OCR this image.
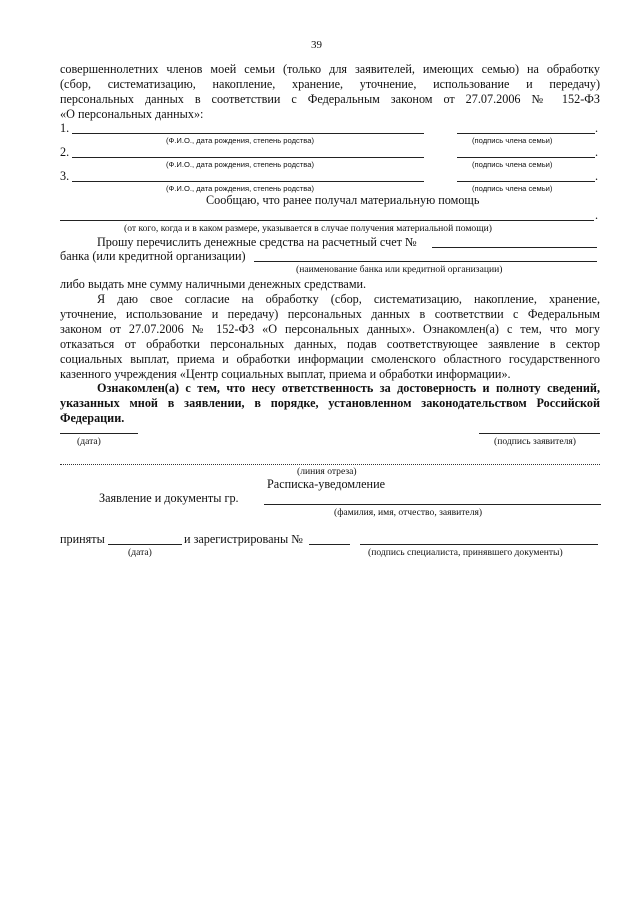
39
совершеннолетних членов моей семьи (только для заявителей, имеющих семью) на обработку
(сбор, систематизацию, накопление, хранение, уточнение, использование и передачу)
персональных данных в соответствии с Федеральным законом от 27.07.2006 № 152-ФЗ
«О персональных данных»:
1.	.
(Ф.И.О., дата рождения, степень родства)	(подпись члена семьи)
2.	.
(Ф.И.О., дата рождения, степень родства)	(подпись члена семьи)
3.	.
(Ф.И.О., дата рождения, степень родства)	(подпись члена семьи)
Сообщаю, что ранее получал материальную помощь
.
(от кого, когда и в каком размере, указывается в случае получения материальной помощи)
Прошу перечислить денежные средства на расчетный счет №
банка (или кредитной организации)
(наименование банка или кредитной организации)
либо выдать мне сумму наличными денежных средствами.
Я даю свое согласие на обработку (сбор, систематизацию, накопление, хранение,
уточнение, использование и передачу) персональных данных в соответствии с Федеральным
законом от 27.07.2006 № 152-ФЗ «О персональных данных». Ознакомлен(а) с тем, что могу
отказаться от обработки персональных данных, подав соответствующее заявление в сектор
социальных выплат, приема и обработки информации смоленского областного государственного
казенного учреждения «Центр социальных выплат, приема и обработки информации».
Ознакомлен(а) с тем, что несу ответственность за достоверность и полноту сведений,
указанных мной в заявлении, в порядке, установленном законодательством Российской
Федерации.
(дата)	(подпись заявителя)
(линия отреза)
Расписка-уведомление
Заявление и документы гр.
(фамилия, имя, отчество, заявителя)
приняты	и зарегистрированы №
(дата)	(подпись специалиста, принявшего документы)
